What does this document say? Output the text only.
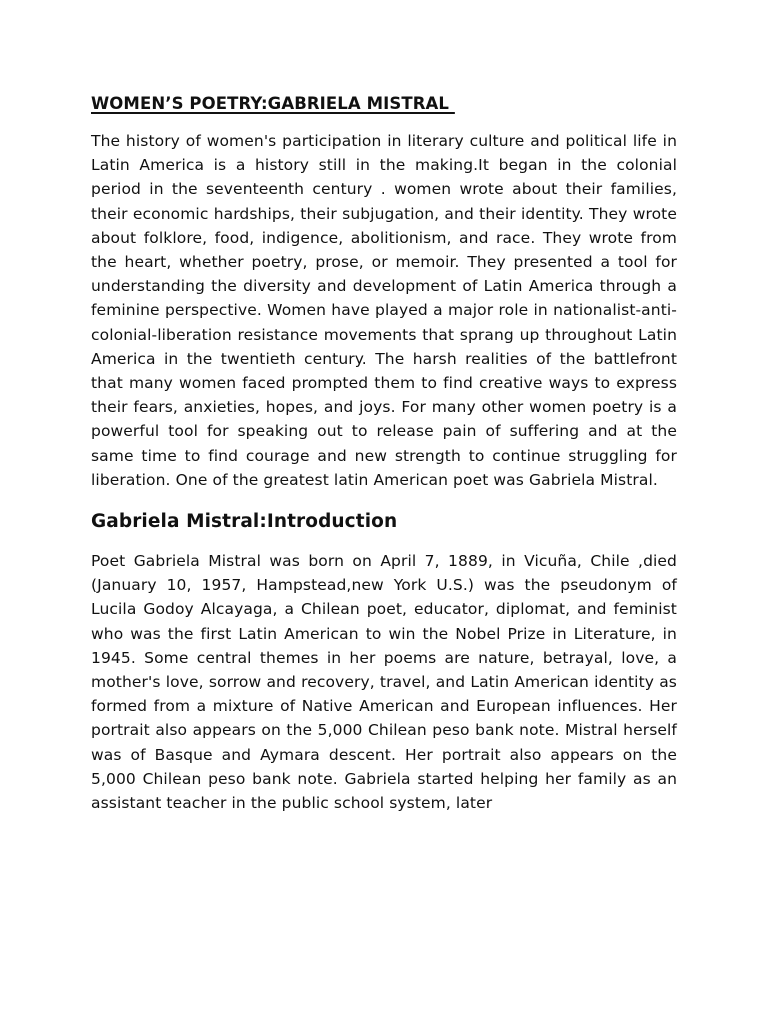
WOMEN’S POETRY:GABRIELA MISTRAL

The history of women's participation in literary culture and political life in Latin America is a history still in the making.It began in the colonial period in the seventeenth century . women wrote about their families, their economic hardships, their subjugation, and their identity. They wrote about folklore, food, indigence, abolitionism, and race. They wrote from the heart, whether poetry, prose, or memoir. They presented a tool for understanding the diversity and development of Latin America through a feminine perspective. Women have played a major role in nationalist-anti-colonial-liberation resistance movements that sprang up throughout Latin America in the twentieth century. The harsh realities of the battlefront that many women faced prompted them to find creative ways to express their fears, anxieties, hopes, and joys. For many other women poetry is a powerful tool for speaking out to release pain of suffering and at the same time to find courage and new strength to continue struggling for liberation. One of the greatest latin American poet was Gabriela Mistral.

Gabriela Mistral:Introduction

Poet Gabriela Mistral was born on April 7, 1889, in Vicuña, Chile ,died (January 10, 1957, Hampstead,new York U.S.) was the pseudonym of Lucila Godoy Alcayaga, a Chilean poet, educator, diplomat, and feminist who was the first Latin American to win the Nobel Prize in Literature, in 1945. Some central themes in her poems are nature, betrayal, love, a mother's love, sorrow and recovery, travel, and Latin American identity as formed from a mixture of Native American and European influences. Her portrait also appears on the 5,000 Chilean peso bank note. Mistral herself was of Basque and Aymara descent. Her portrait also appears on the 5,000 Chilean peso bank note. Gabriela started helping her family as an assistant teacher in the public school system, later
